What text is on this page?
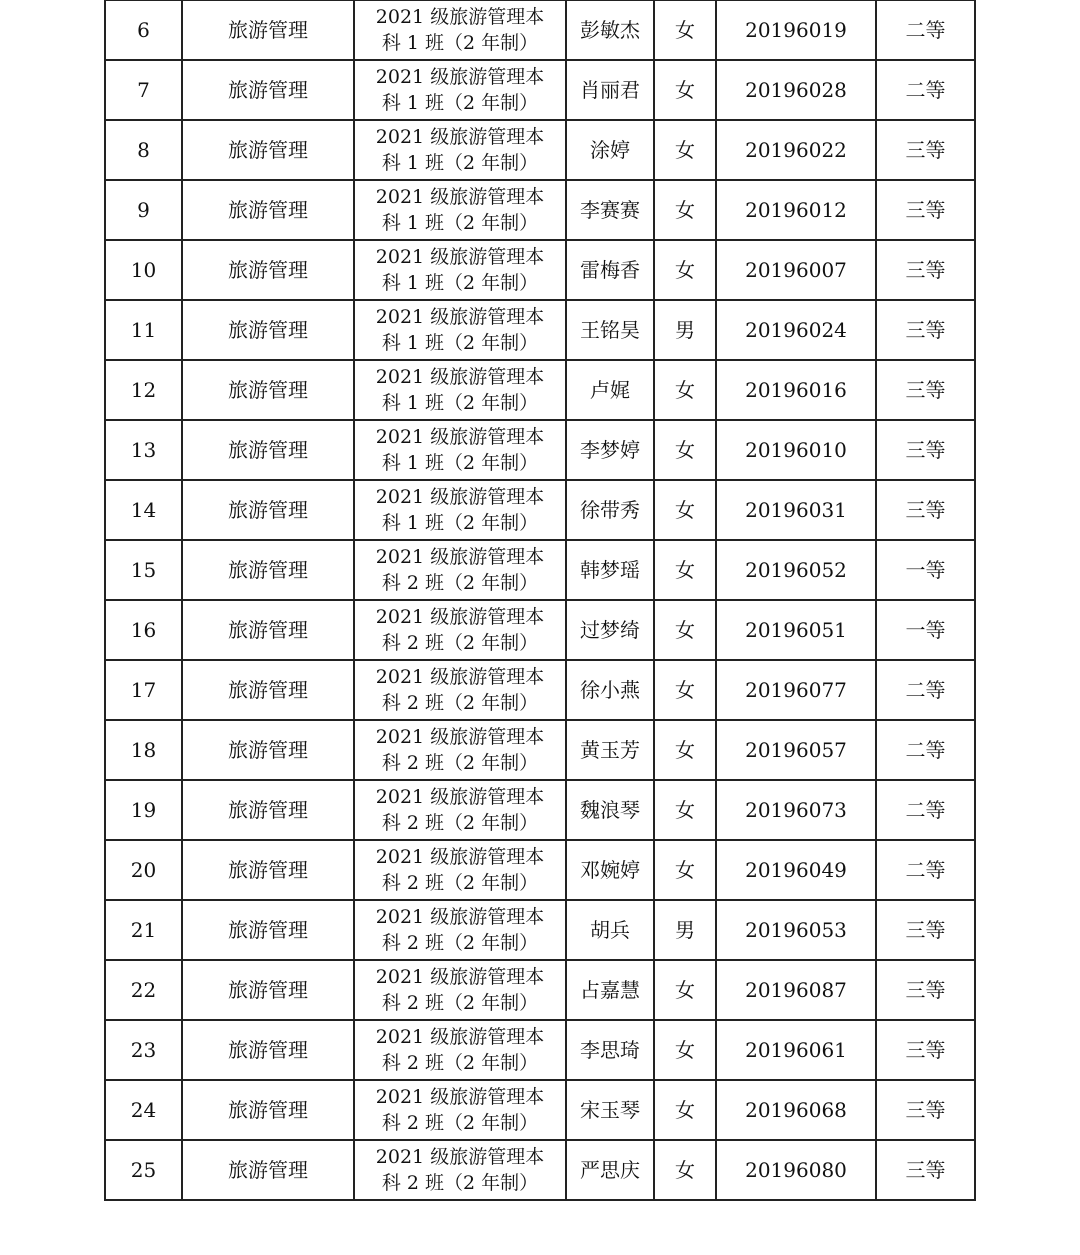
6	旅游管理	2021 级旅游管理本
科 1 班（2 年制）	彭敏杰	女	20196019	二等
7	旅游管理	2021 级旅游管理本
科 1 班（2 年制）	肖丽君	女	20196028	二等
8	旅游管理	2021 级旅游管理本
科 1 班（2 年制）	涂婷	女	20196022	三等
9	旅游管理	2021 级旅游管理本
科 1 班（2 年制）	李赛赛	女	20196012	三等
10	旅游管理	2021 级旅游管理本
科 1 班（2 年制）	雷梅香	女	20196007	三等
11	旅游管理	2021 级旅游管理本
科 1 班（2 年制）	王铭昊	男	20196024	三等
12	旅游管理	2021 级旅游管理本
科 1 班（2 年制）	卢娓	女	20196016	三等
13	旅游管理	2021 级旅游管理本
科 1 班（2 年制）	李梦婷	女	20196010	三等
14	旅游管理	2021 级旅游管理本
科 1 班（2 年制）	徐带秀	女	20196031	三等
15	旅游管理	2021 级旅游管理本
科 2 班（2 年制）	韩梦瑶	女	20196052	一等
16	旅游管理	2021 级旅游管理本
科 2 班（2 年制）	过梦绮	女	20196051	一等
17	旅游管理	2021 级旅游管理本
科 2 班（2 年制）	徐小燕	女	20196077	二等
18	旅游管理	2021 级旅游管理本
科 2 班（2 年制）	黄玉芳	女	20196057	二等
19	旅游管理	2021 级旅游管理本
科 2 班（2 年制）	魏浪琴	女	20196073	二等
20	旅游管理	2021 级旅游管理本
科 2 班（2 年制）	邓婉婷	女	20196049	二等
21	旅游管理	2021 级旅游管理本
科 2 班（2 年制）	胡兵	男	20196053	三等
22	旅游管理	2021 级旅游管理本
科 2 班（2 年制）	占嘉慧	女	20196087	三等
23	旅游管理	2021 级旅游管理本
科 2 班（2 年制）	李思琦	女	20196061	三等
24	旅游管理	2021 级旅游管理本
科 2 班（2 年制）	宋玉琴	女	20196068	三等
25	旅游管理	2021 级旅游管理本
科 2 班（2 年制）	严思庆	女	20196080	三等
